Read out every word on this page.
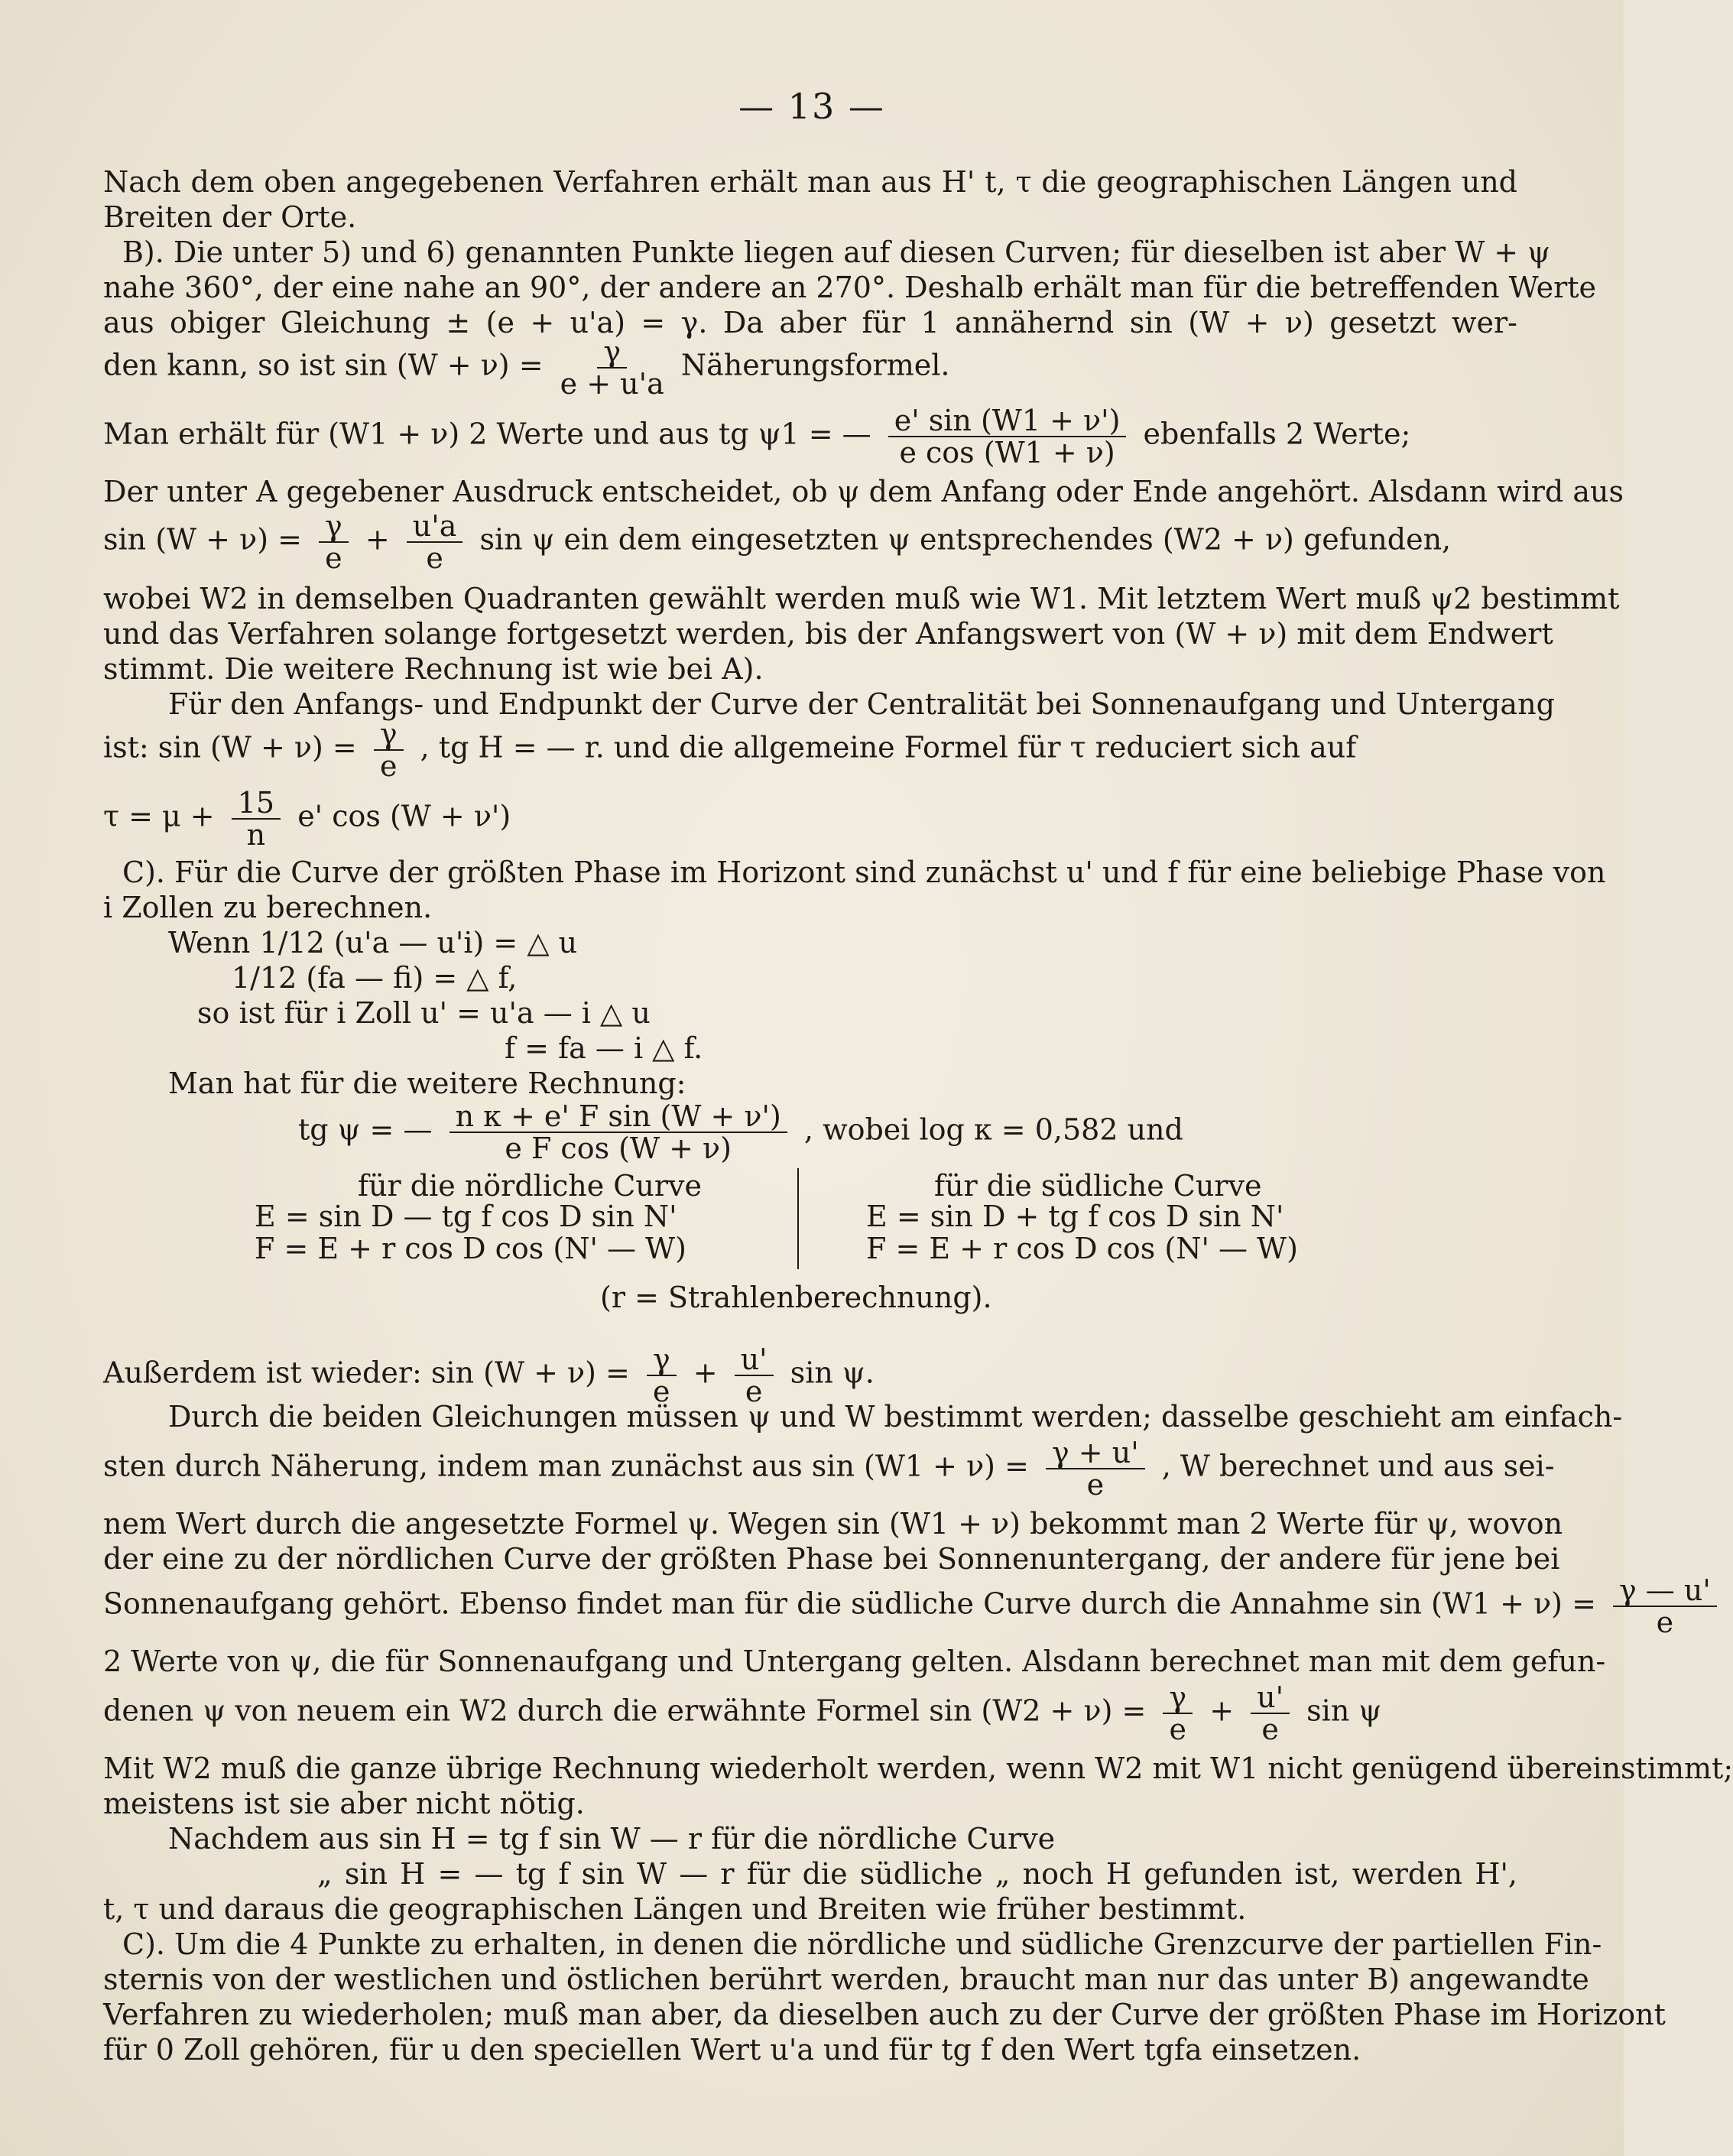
— 13 —
Nach dem oben angegebenen Verfahren erhält man aus H' t, τ die geographischen Längen und
Breiten der Orte.
B). Die unter 5) und 6) genannten Punkte liegen auf diesen Curven; für dieselben ist aber W + ψ
nahe 360°, der eine nahe an 90°, der andere an 270°. Deshalb erhält man für die betreffenden Werte
aus obiger Gleichung ± (e + u'a) = γ. Da aber für 1 annähernd sin (W + ν) gesetzt wer-
den kann, so ist $\sin (W + \nu) = \frac{\gamma}{e + u'a}$ Näherungsformel.
Man erhält für (W1 + ν) 2 Werte und aus tg ψ1 = — $\frac{e' \sin (W1 + \nu')}{\text{e cos (W1 + ν)}}$ ebenfalls 2 Werte;
Der unter A gegebener Ausdruck entscheidet, ob ψ dem Anfang oder Ende angehört. Alsdann wird aus
$\sin (W + \nu) = \frac{\gamma}{e} + \frac{u'a}{e}$ sin ψ ein dem eingesetzten ψ entsprechendes (W2 + ν) gefunden,
wobei W2 in demselben Quadranten gewählt werden muß wie W1. Mit letztem Wert muß ψ2 bestimmt
und das Verfahren solange fortgesetzt werden, bis der Anfangswert von (W + ν) mit dem Endwert
stimmt. Die weitere Rechnung ist wie bei A).
Für den Anfangs- und Endpunkt der Curve der Centralität bei Sonnenaufgang und Untergang
ist: $\sin (W + \nu) = \frac{\gamma}{e}$ , tg H = — r. und die allgemeine Formel für τ reduciert sich auf
$\tau = \mu + \frac{15}{n} e'$ cos (W + ν')
C). Für die Curve der größten Phase im Horizont sind zunächst u' und f für eine beliebige Phase von
i Zollen zu berechnen.
Wenn 1/12 (u'a — u'i) = △ u
1/12 (fa — fi) = △ f,
so ist für i Zoll u' = u'a — i △ u
f = fa — i △ f.
Man hat für die weitere Rechnung:
tg ψ = — $\frac{\text{n κ + e' F sin (W + ν')}}{\text{e F cos (W + ν)}}$ , wobei log κ = 0,582 und
für die nördliche Curve
E = sin D — tg f cos D sin N'
F = E + r cos D cos (N' — W)
für die südliche Curve
E = sin D + tg f cos D sin N'
F = E + r cos D cos (N' — W)
(r = Strahlenberechnung).
Außerdem ist wieder: $\sin (W + \nu) = \frac{\gamma}{e} + \frac{u'}{e}$ sin ψ.
Durch die beiden Gleichungen müssen ψ und W bestimmt werden; dasselbe geschieht am einfach-
sten durch Näherung, indem man zunächst aus $\sin (W1 + \nu) = \frac{\gamma + u'}{e}$ , W berechnet und aus sei-
nem Wert durch die angesetzte Formel ψ. Wegen sin (W1 + ν) bekommt man 2 Werte für ψ, wovon
der eine zu der nördlichen Curve der größten Phase bei Sonnenuntergang, der andere für jene bei
Sonnenaufgang gehört. Ebenso findet man für die südliche Curve durch die Annahme $\sin (W1 + \nu) = \frac{\gamma — u'}{e}$
2 Werte von ψ, die für Sonnenaufgang und Untergang gelten. Alsdann berechnet man mit dem gefun-
denen ψ von neuem ein W2 durch die erwähnte Formel $\sin (W2 + \nu) = \frac{\gamma}{e} + \frac{u'}{e}$ sin ψ
Mit W2 muß die ganze übrige Rechnung wiederholt werden, wenn W2 mit W1 nicht genügend übereinstimmt;
meistens ist sie aber nicht nötig.
Nachdem aus sin H = tg f sin W — r für die nördliche Curve
„ sin H = — tg f sin W — r für die südliche „ noch H gefunden ist, werden H',
t, τ und daraus die geographischen Längen und Breiten wie früher bestimmt.
C). Um die 4 Punkte zu erhalten, in denen die nördliche und südliche Grenzcurve der partiellen Fin-
sternis von der westlichen und östlichen berührt werden, braucht man nur das unter B) angewandte
Verfahren zu wiederholen; muß man aber, da dieselben auch zu der Curve der größten Phase im Horizont
für 0 Zoll gehören, für u den speciellen Wert u'a und für tg f den Wert tgfa einsetzen.
